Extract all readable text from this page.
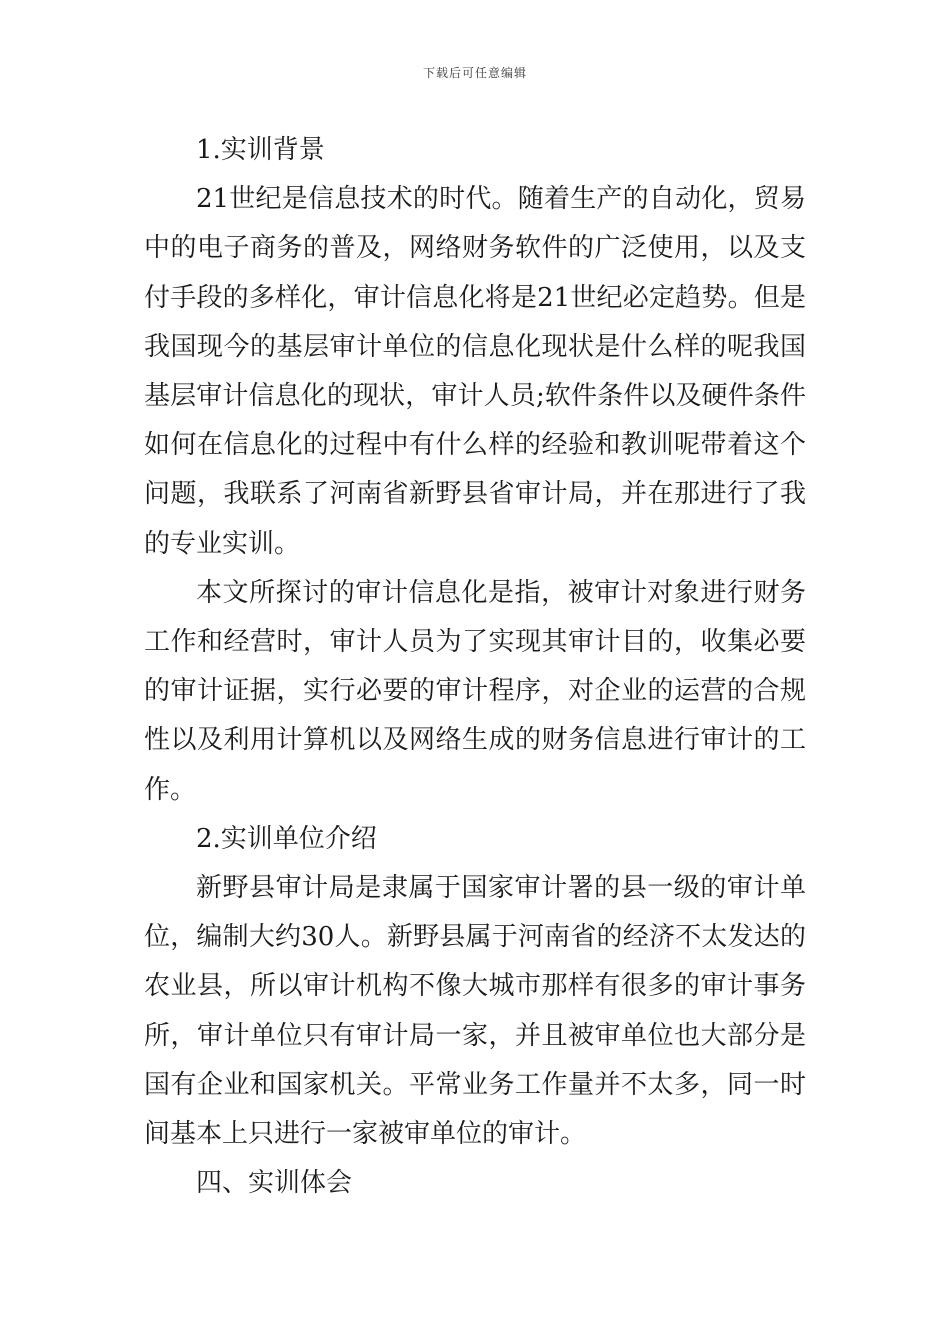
下载后可任意编辑

1.实训背景

21世纪是信息技术的时代。随着生产的自动化，贸易中的电子商务的普及，网络财务软件的广泛使用，以及支付手段的多样化，审计信息化将是21世纪必定趋势。但是我国现今的基层审计单位的信息化现状是什么样的呢我国基层审计信息化的现状，审计人员;软件条件以及硬件条件如何在信息化的过程中有什么样的经验和教训呢带着这个问题，我联系了河南省新野县省审计局，并在那进行了我的专业实训。

本文所探讨的审计信息化是指，被审计对象进行财务工作和经营时，审计人员为了实现其审计目的，收集必要的审计证据，实行必要的审计程序，对企业的运营的合规性以及利用计算机以及网络生成的财务信息进行审计的工作。

2.实训单位介绍

新野县审计局是隶属于国家审计署的县一级的审计单位，编制大约30人。新野县属于河南省的经济不太发达的农业县，所以审计机构不像大城市那样有很多的审计事务所，审计单位只有审计局一家，并且被审单位也大部分是国有企业和国家机关。平常业务工作量并不太多，同一时间基本上只进行一家被审单位的审计。

四、实训体会
